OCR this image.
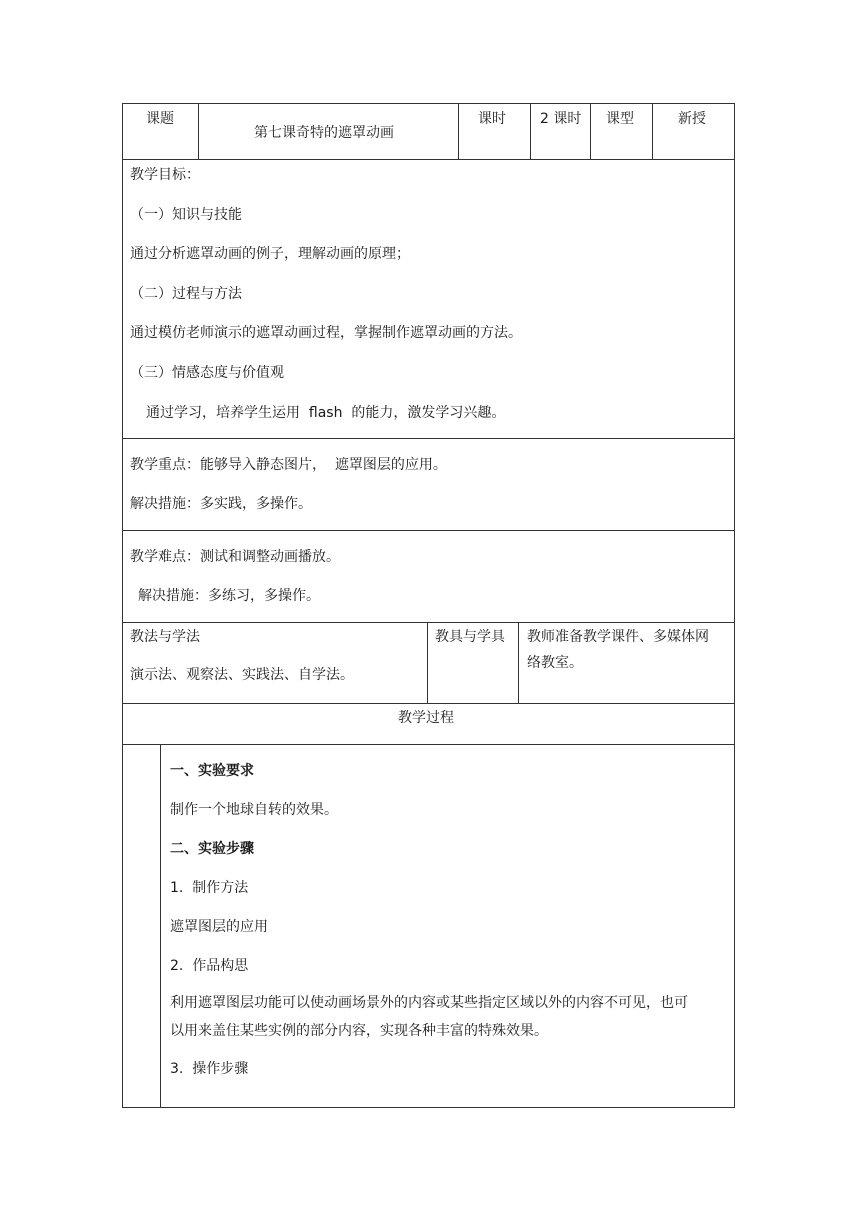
课题
第七课奇特的遮罩动画
课时 2 课时 课型	新授
教学目标：
（一）知识与技能
通过分析遮罩动画的例子，理解动画的原理；
（二）过程与方法
通过模仿老师演示的遮罩动画过程，掌握制作遮罩动画的方法。
（三）情感态度与价值观
通过学习，培养学生运用  flash  的能力，激发学习兴趣。
教学重点：能够导入静态图片，  遮罩图层的应用。
解决措施：多实践，多操作。
教学难点：测试和调整动画播放。
解决措施：多练习，多操作。
教法与学法
演示法、观察法、实践法、自学法。
教具与学具 教师准备教学课件、多媒体网
络教室。
教学过程
一、实验要求
制作一个地球自转的效果。
二、实验步骤
1.  制作方法
遮罩图层的应用
2.  作品构思
利用遮罩图层功能可以使动画场景外的内容或某些指定区域以外的内容不可见，也可
以用来盖住某些实例的部分内容，实现各种丰富的特殊效果。
3.  操作步骤
